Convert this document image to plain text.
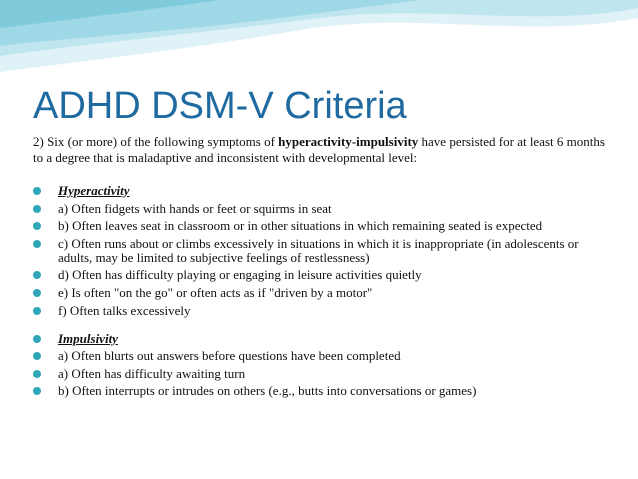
ADHD DSM-V Criteria
2) Six (or more) of the following symptoms of hyperactivity-impulsivity have persisted for at least 6 months to a degree that is maladaptive and inconsistent with developmental level:
Hyperactivity
a) Often fidgets with hands or feet or squirms in seat
b) Often leaves seat in classroom or in other situations in which remaining seated is expected
c) Often runs about or climbs excessively in situations in which it is inappropriate (in adolescents or adults, may be limited to subjective feelings of restlessness)
d) Often has difficulty playing or engaging in leisure activities quietly
e) Is often "on the go" or often acts as if "driven by a motor"
f) Often talks excessively
Impulsivity
a) Often blurts out answers before questions have been completed
a) Often has difficulty awaiting turn
b) Often interrupts or intrudes on others (e.g., butts into conversations or games)
